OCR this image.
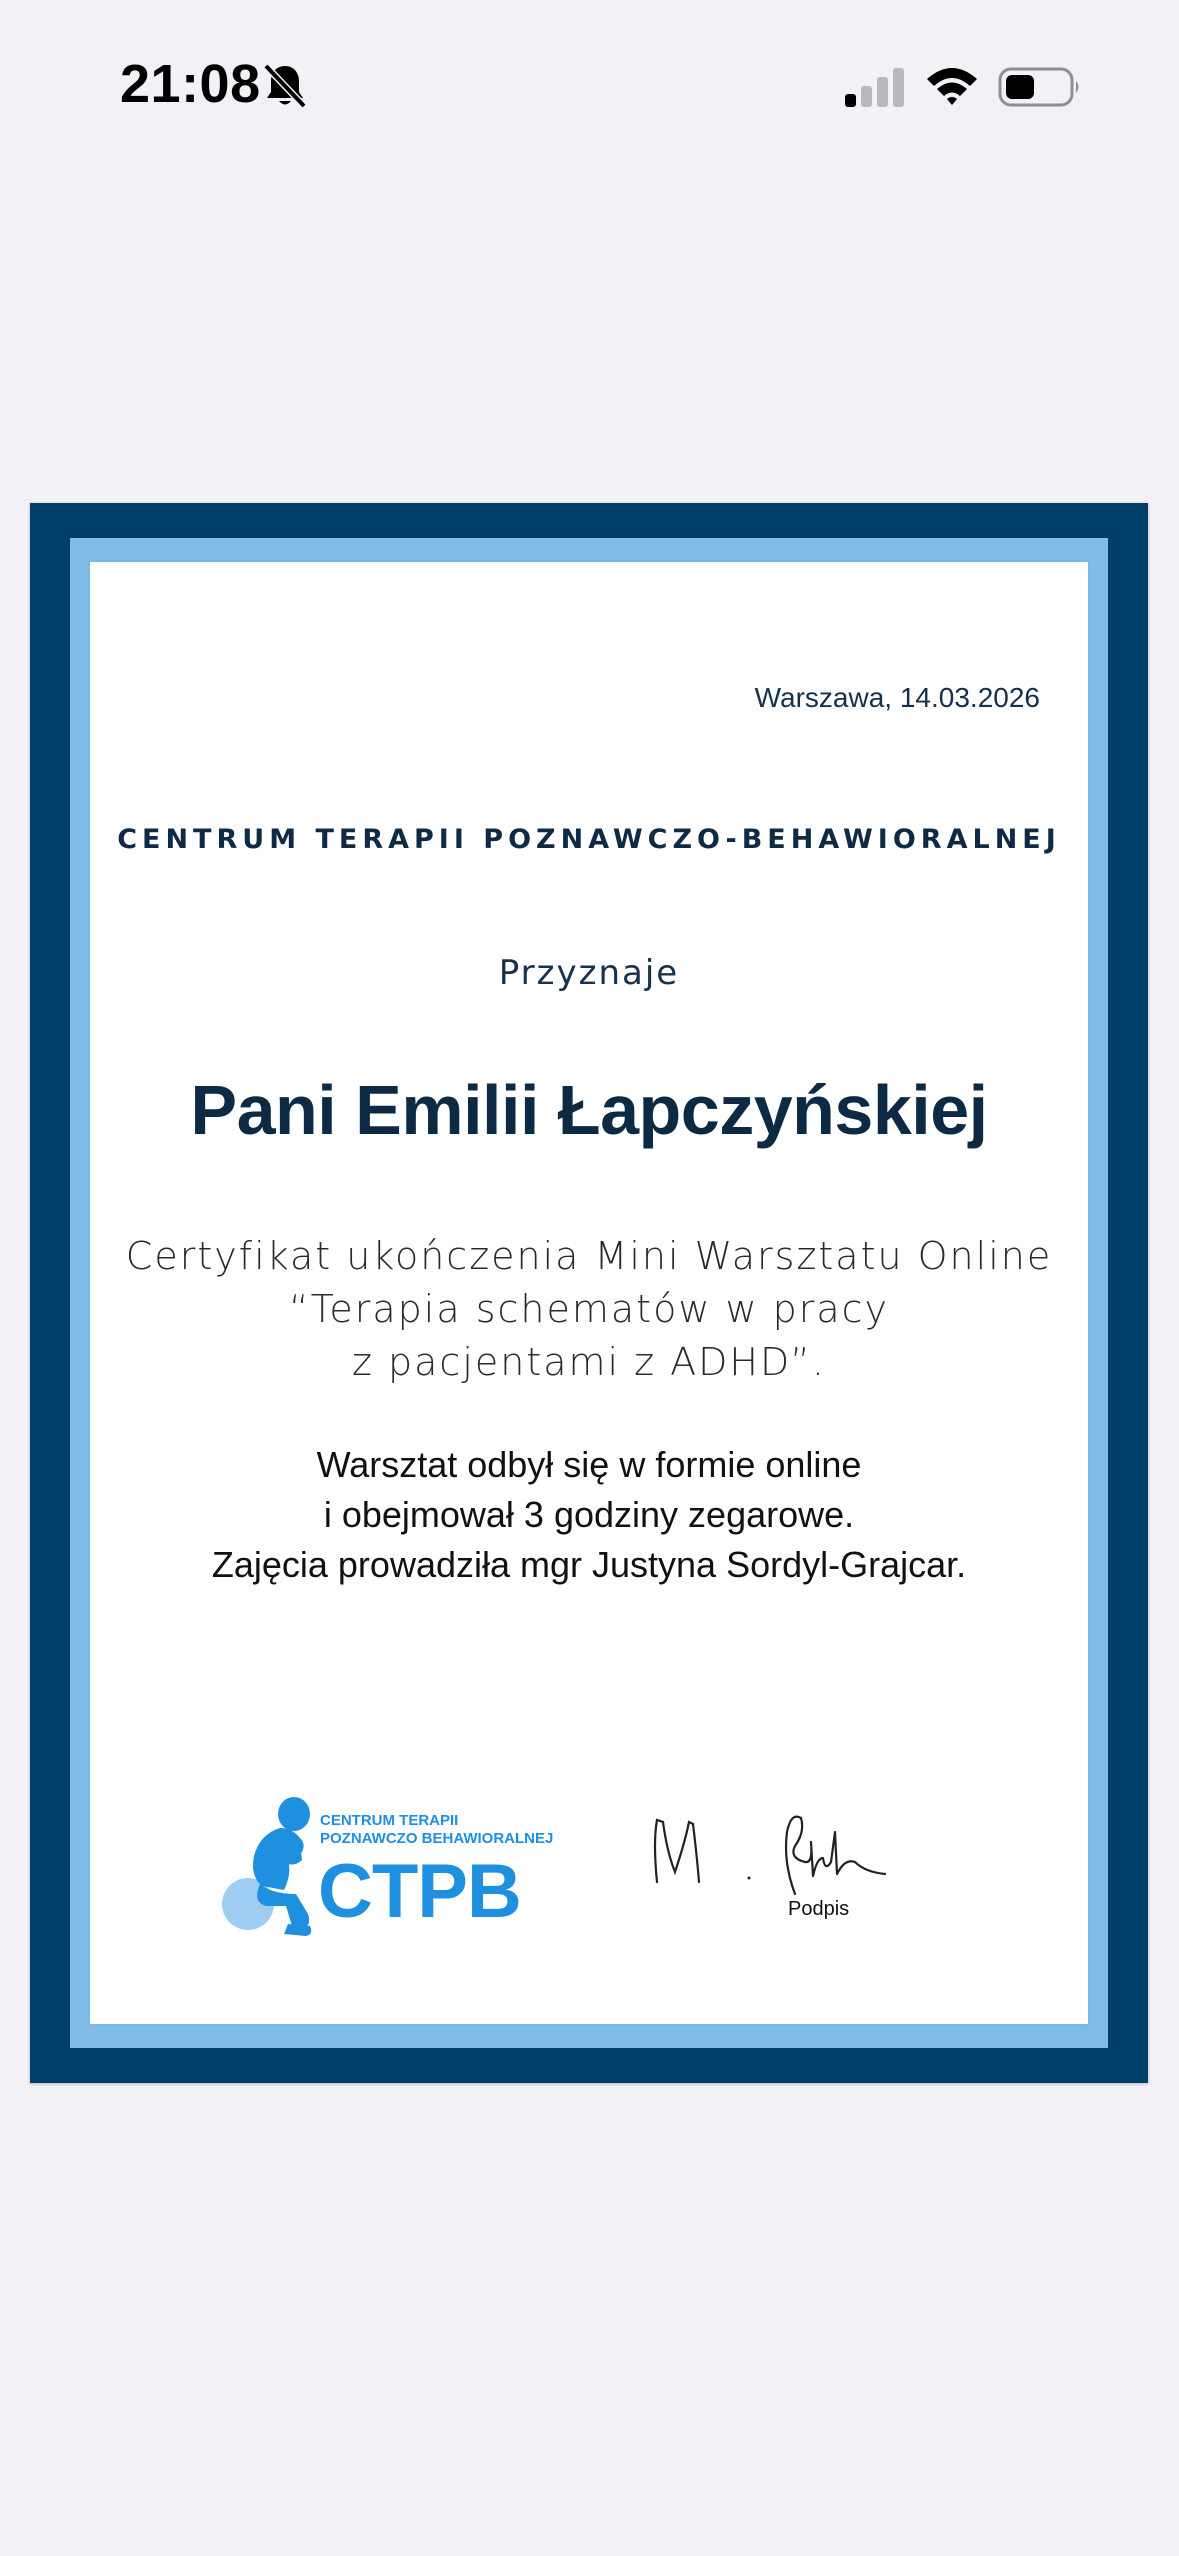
21:08
Warszawa, 14.03.2026
CENTRUM TERAPII POZNAWCZO-BEHAWIORALNEJ
Przyznaje
Pani Emilii Łapczyńskiej
Certyfikat ukończenia Mini Warsztatu Online
“Terapia schematów w pracy
z pacjentami z ADHD”.
Warsztat odbył się w formie online
i obejmował 3 godziny zegarowe.
Zajęcia prowadziła mgr Justyna Sordyl-Grajcar.
CENTRUM TERAPII
POZNAWCZO BEHAWIORALNEJ
CTPB	Podpis
